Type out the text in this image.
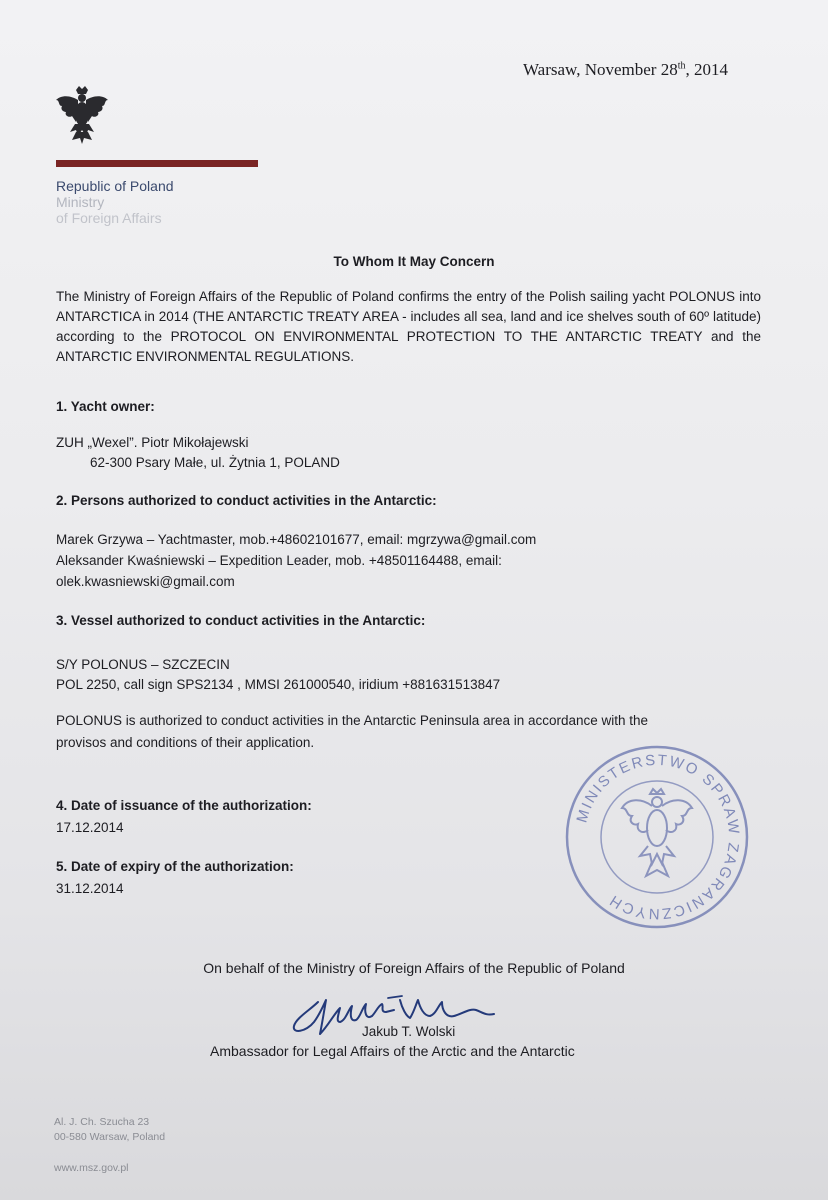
Warsaw, November 28th, 2014
Republic of Poland
Ministry
of Foreign Affairs
To Whom It May Concern
The Ministry of Foreign Affairs of the Republic of Poland confirms the entry of the Polish sailing yacht POLONUS into ANTARCTICA in 2014 (THE ANTARCTIC TREATY AREA - includes all sea, land and ice shelves south of 60º latitude) according to the PROTOCOL ON ENVIRONMENTAL PROTECTION TO THE ANTARCTIC TREATY and the ANTARCTIC ENVIRONMENTAL REGULATIONS.
1. Yacht owner:
ZUH „Wexel”. Piotr Mikołajewski
62-300 Psary Małe, ul. Żytnia 1, POLAND
2. Persons authorized to conduct activities in the Antarctic:
Marek Grzywa – Yachtmaster, mob.+48602101677, email: mgrzywa@gmail.com
Aleksander Kwaśniewski – Expedition Leader, mob. +48501164488, email:
olek.kwasniewski@gmail.com
3. Vessel authorized to conduct activities in the Antarctic:
S/Y POLONUS – SZCZECIN
POL 2250, call sign SPS2134 , MMSI 261000540, iridium +881631513847
POLONUS is authorized to conduct activities in the Antarctic Peninsula area in accordance with the
provisos and conditions of their application.
4. Date of issuance of the authorization:
17.12.2014
5. Date of expiry of the authorization:
31.12.2014
MINISTERSTWO SPRAW ZAGRANICZNYCH
On behalf of the Ministry of Foreign Affairs of the Republic of Poland
Jakub T. Wolski
Ambassador for Legal Affairs of the Arctic and the Antarctic
Al. J. Ch. Szucha 23
00-580 Warsaw, Poland
www.msz.gov.pl
